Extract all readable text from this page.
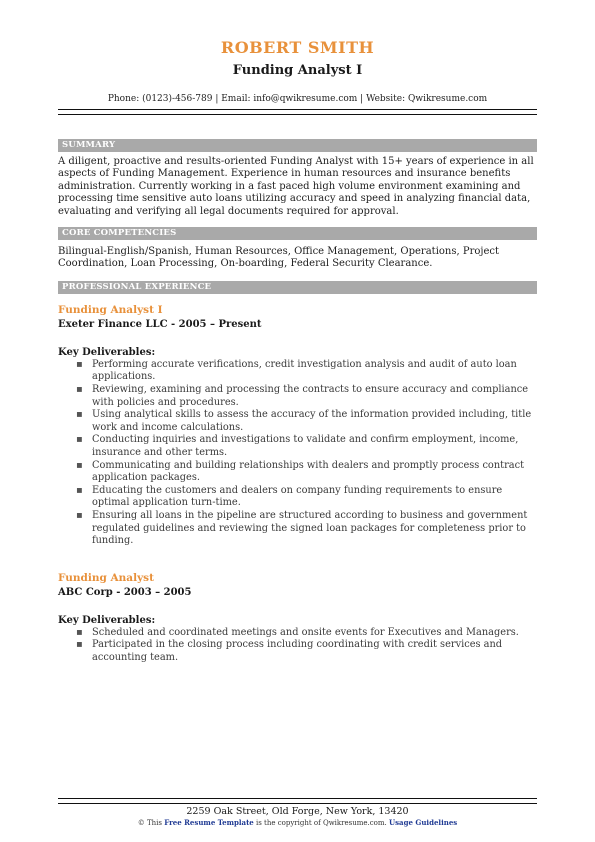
ROBERT SMITH
Funding Analyst I
Phone: (0123)-456-789 | Email: info@qwikresume.com | Website: Qwikresume.com
SUMMARY
A diligent, proactive and results-oriented Funding Analyst with 15+ years of experience in all aspects of Funding Management. Experience in human resources and insurance benefits administration. Currently working in a fast paced high volume environment examining and processing time sensitive auto loans utilizing accuracy and speed in analyzing financial data, evaluating and verifying all legal documents required for approval.
CORE COMPETENCIES
Bilingual-English/Spanish, Human Resources, Office Management, Operations, Project Coordination, Loan Processing, On-boarding, Federal Security Clearance.
PROFESSIONAL EXPERIENCE
Funding Analyst I
Exeter Finance LLC - 2005 – Present
Key Deliverables:
▪ Performing accurate verifications, credit investigation analysis and audit of auto loan applications.
▪ Reviewing, examining and processing the contracts to ensure accuracy and compliance with policies and procedures.
▪ Using analytical skills to assess the accuracy of the information provided including, title work and income calculations.
▪ Conducting inquiries and investigations to validate and confirm employment, income, insurance and other terms.
▪ Communicating and building relationships with dealers and promptly process contract application packages.
▪ Educating the customers and dealers on company funding requirements to ensure optimal application turn-time.
▪ Ensuring all loans in the pipeline are structured according to business and government regulated guidelines and reviewing the signed loan packages for completeness prior to funding.
Funding Analyst
ABC Corp - 2003 – 2005
Key Deliverables:
▪ Scheduled and coordinated meetings and onsite events for Executives and Managers.
▪ Participated in the closing process including coordinating with credit services and accounting team.
2259 Oak Street, Old Forge, New York, 13420
© This Free Resume Template is the copyright of Qwikresume.com. Usage Guidelines
